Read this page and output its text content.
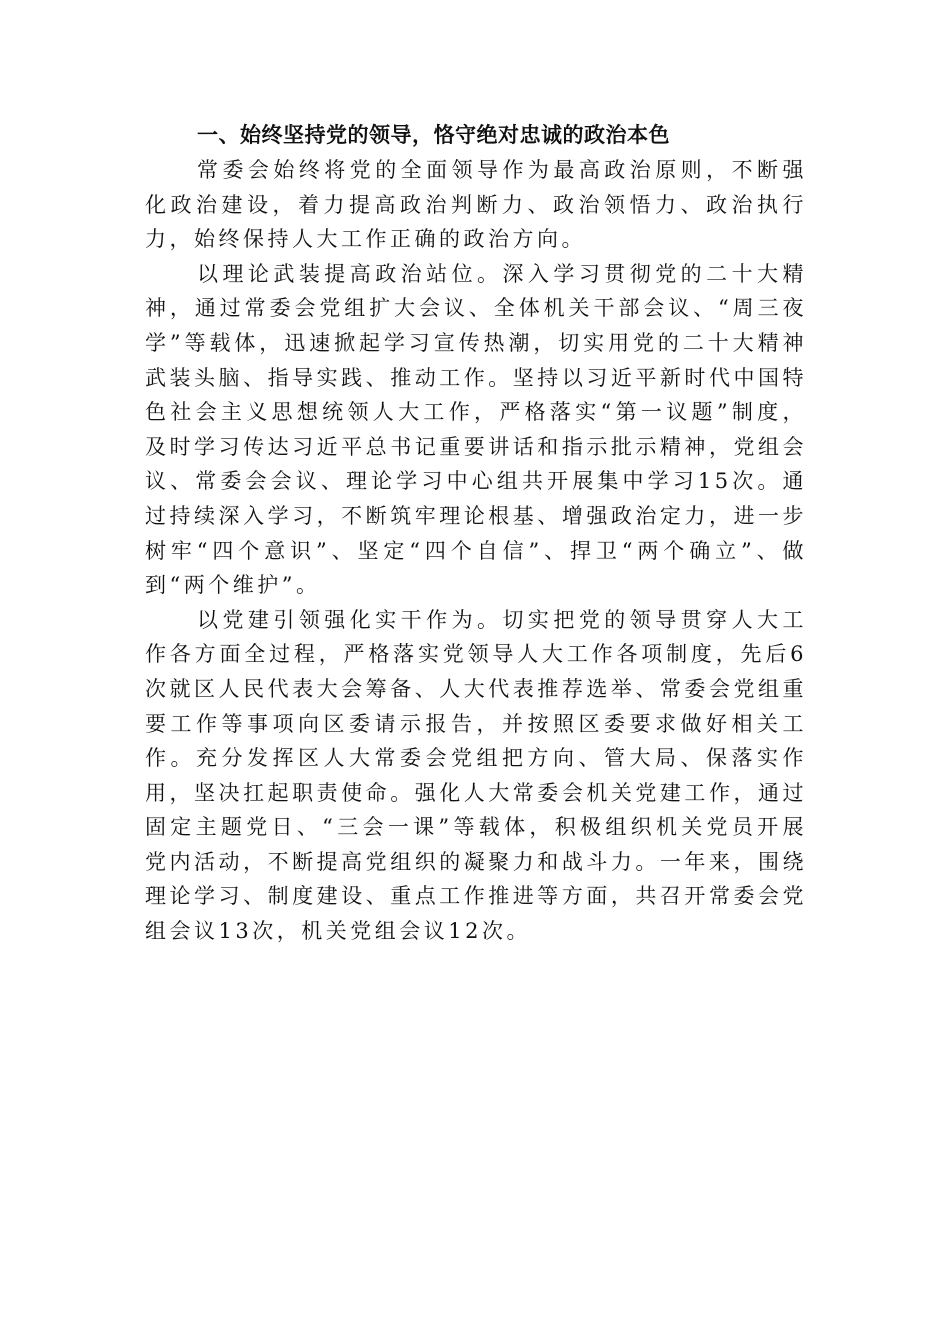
一、始终坚持党的领导，恪守绝对忠诚的政治本色

常委会始终将党的全面领导作为最高政治原则，不断强化政治建设，着力提高政治判断力、政治领悟力、政治执行力，始终保持人大工作正确的政治方向。

以理论武装提高政治站位。深入学习贯彻党的二十大精神，通过常委会党组扩大会议、全体机关干部会议、“周三夜学”等载体，迅速掀起学习宣传热潮，切实用党的二十大精神武装头脑、指导实践、推动工作。坚持以习近平新时代中国特色社会主义思想统领人大工作，严格落实“第一议题”制度，及时学习传达习近平总书记重要讲话和指示批示精神，党组会议、常委会会议、理论学习中心组共开展集中学习15次。通过持续深入学习，不断筑牢理论根基、增强政治定力，进一步树牢“四个意识”、坚定“四个自信”、捍卫“两个确立”、做到“两个维护”。

以党建引领强化实干作为。切实把党的领导贯穿人大工作各方面全过程，严格落实党领导人大工作各项制度，先后6次就区人民代表大会筹备、人大代表推荐选举、常委会党组重要工作等事项向区委请示报告，并按照区委要求做好相关工作。充分发挥区人大常委会党组把方向、管大局、保落实作用，坚决扛起职责使命。强化人大常委会机关党建工作，通过固定主题党日、“三会一课”等载体，积极组织机关党员开展党内活动，不断提高党组织的凝聚力和战斗力。一年来，围绕理论学习、制度建设、重点工作推进等方面，共召开常委会党组会议13次，机关党组会议12次。
